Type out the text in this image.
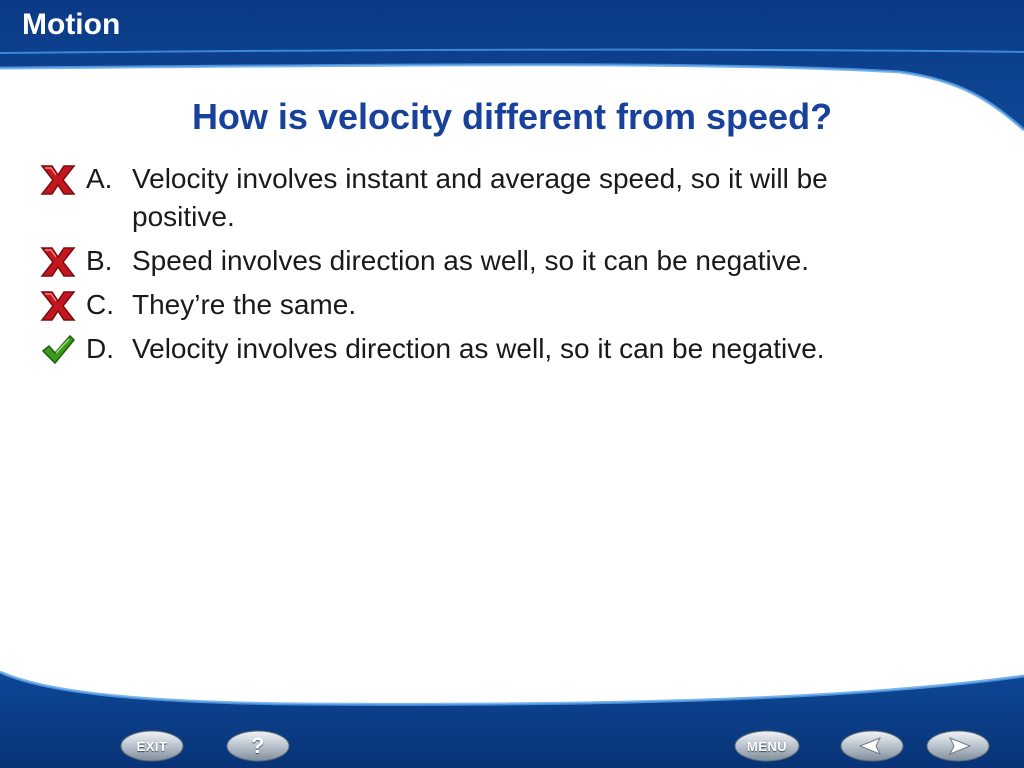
Motion
How is velocity different from speed?
A. Velocity involves instant and average speed, so it will be positive.
B. Speed involves direction as well, so it can be negative.
C. They’re the same.
D. Velocity involves direction as well, so it can be negative.
EXIT	?	MENU
